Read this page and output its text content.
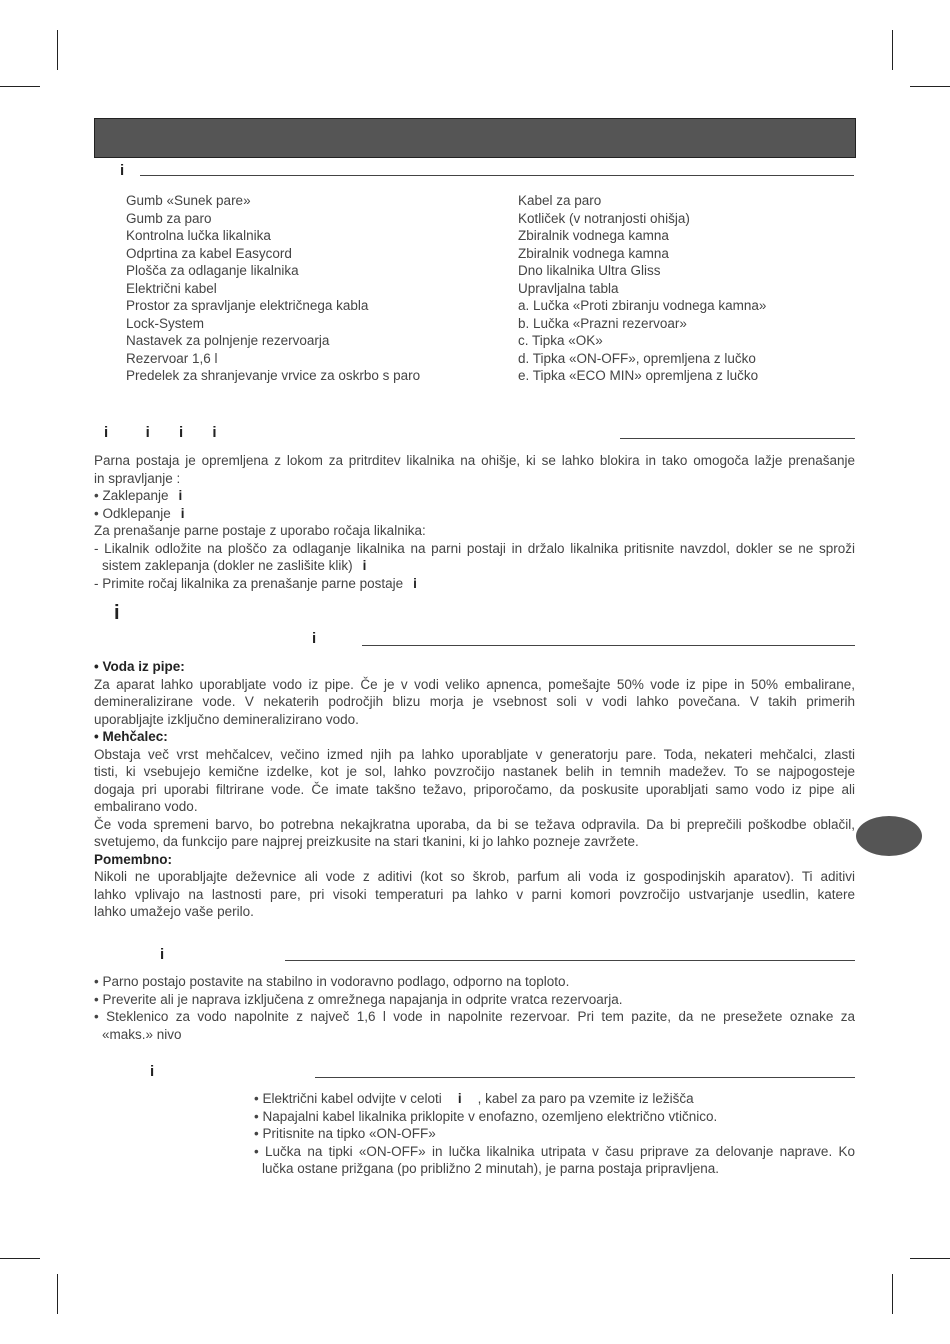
i
Gumb «Sunek pare»
Gumb za paro
Kontrolna lučka likalnika
Odprtina za kabel Easycord
Plošča za odlaganje likalnika
Električni kabel
Prostor za spravljanje električnega kabla
Lock-System
Nastavek za polnjenje rezervoarja
Rezervoar 1,6 l
Predelek za shranjevanje vrvice za oskrbo s paro
Kabel za paro
Kotliček (v notranjosti ohišja)
Zbiralnik vodnega kamna
Zbiralnik vodnega kamna
Dno likalnika Ultra Gliss
Upravljalna tabla
a. Lučka «Proti zbiranju vodnega kamna»
b. Lučka «Prazni rezervoar»
c. Tipka «OK»
d. Tipka «ON-OFF», opremljena z lučko
e. Tipka «ECO MIN» opremljena z lučko
i         i       i       i
Parna postaja je opremljena z lokom za pritrditev likalnika na ohišje, ki se lahko blokira in tako omogoča lažje prenašanje
in spravljanje :
• Zaklepanje i
• Odklepanje i
Za prenašanje parne postaje z uporabo ročaja likalnika:
- Likalnik odložite na ploščo za odlaganje likalnika na parni postaji in držalo likalnika pritisnite navzdol, dokler se ne sproži
sistem zaklepanja (dokler ne zaslišite klik) i
- Primite ročaj likalnika za prenašanje parne postaje i
i
i
• Voda iz pipe:
Za aparat lahko uporabljate vodo iz pipe. Če je v vodi veliko apnenca, pomešajte 50% vode iz pipe in 50% embalirane,
demineralizirane vode. V nekaterih področjih blizu morja je vsebnost soli v vodi lahko povečana. V takih primerih
uporabljajte izključno demineralizirano vodo.
• Mehčalec:
Obstaja več vrst mehčalcev, večino izmed njih pa lahko uporabljate v generatorju pare. Toda, nekateri mehčalci, zlasti
tisti, ki vsebujejo kemične izdelke, kot je sol, lahko povzročijo nastanek belih in temnih madežev. To se najpogosteje
dogaja pri uporabi filtrirane vode. Če imate takšno težavo, priporočamo, da poskusite uporabljati samo vodo iz pipe ali
embalirano vodo.
Če voda spremeni barvo, bo potrebna nekajkratna uporaba, da bi se težava odpravila. Da bi preprečili poškodbe oblačil,
svetujemo, da funkcijo pare najprej preizkusite na stari tkanini, ki jo lahko pozneje zavržete.
Pomembno:
Nikoli ne uporabljajte deževnice ali vode z aditivi (kot so škrob, parfum ali voda iz gospodinjskih aparatov). Ti aditivi
lahko vplivajo na lastnosti pare, pri visoki temperaturi pa lahko v parni komori povzročijo ustvarjanje usedlin, katere
lahko umažejo vaše perilo.
i
• Parno postajo postavite na stabilno in vodoravno podlago, odporno na toploto.
• Preverite ali je naprava izključena z omrežnega napajanja in odprite vratca rezervoarja.
• Steklenico za vodo napolnite z največ 1,6 l vode in napolnite rezervoar. Pri tem pazite, da ne presežete oznake za
«maks.» nivo
i
• Električni kabel odvijte v celoti i , kabel za paro pa vzemite iz ležišča
• Napajalni kabel likalnika priklopite v enofazno, ozemljeno električno vtičnico.
• Pritisnite na tipko «ON-OFF»
• Lučka na tipki «ON-OFF» in lučka likalnika utripata v času priprave za delovanje naprave. Ko
lučka ostane prižgana (po približno 2 minutah), je parna postaja pripravljena.
